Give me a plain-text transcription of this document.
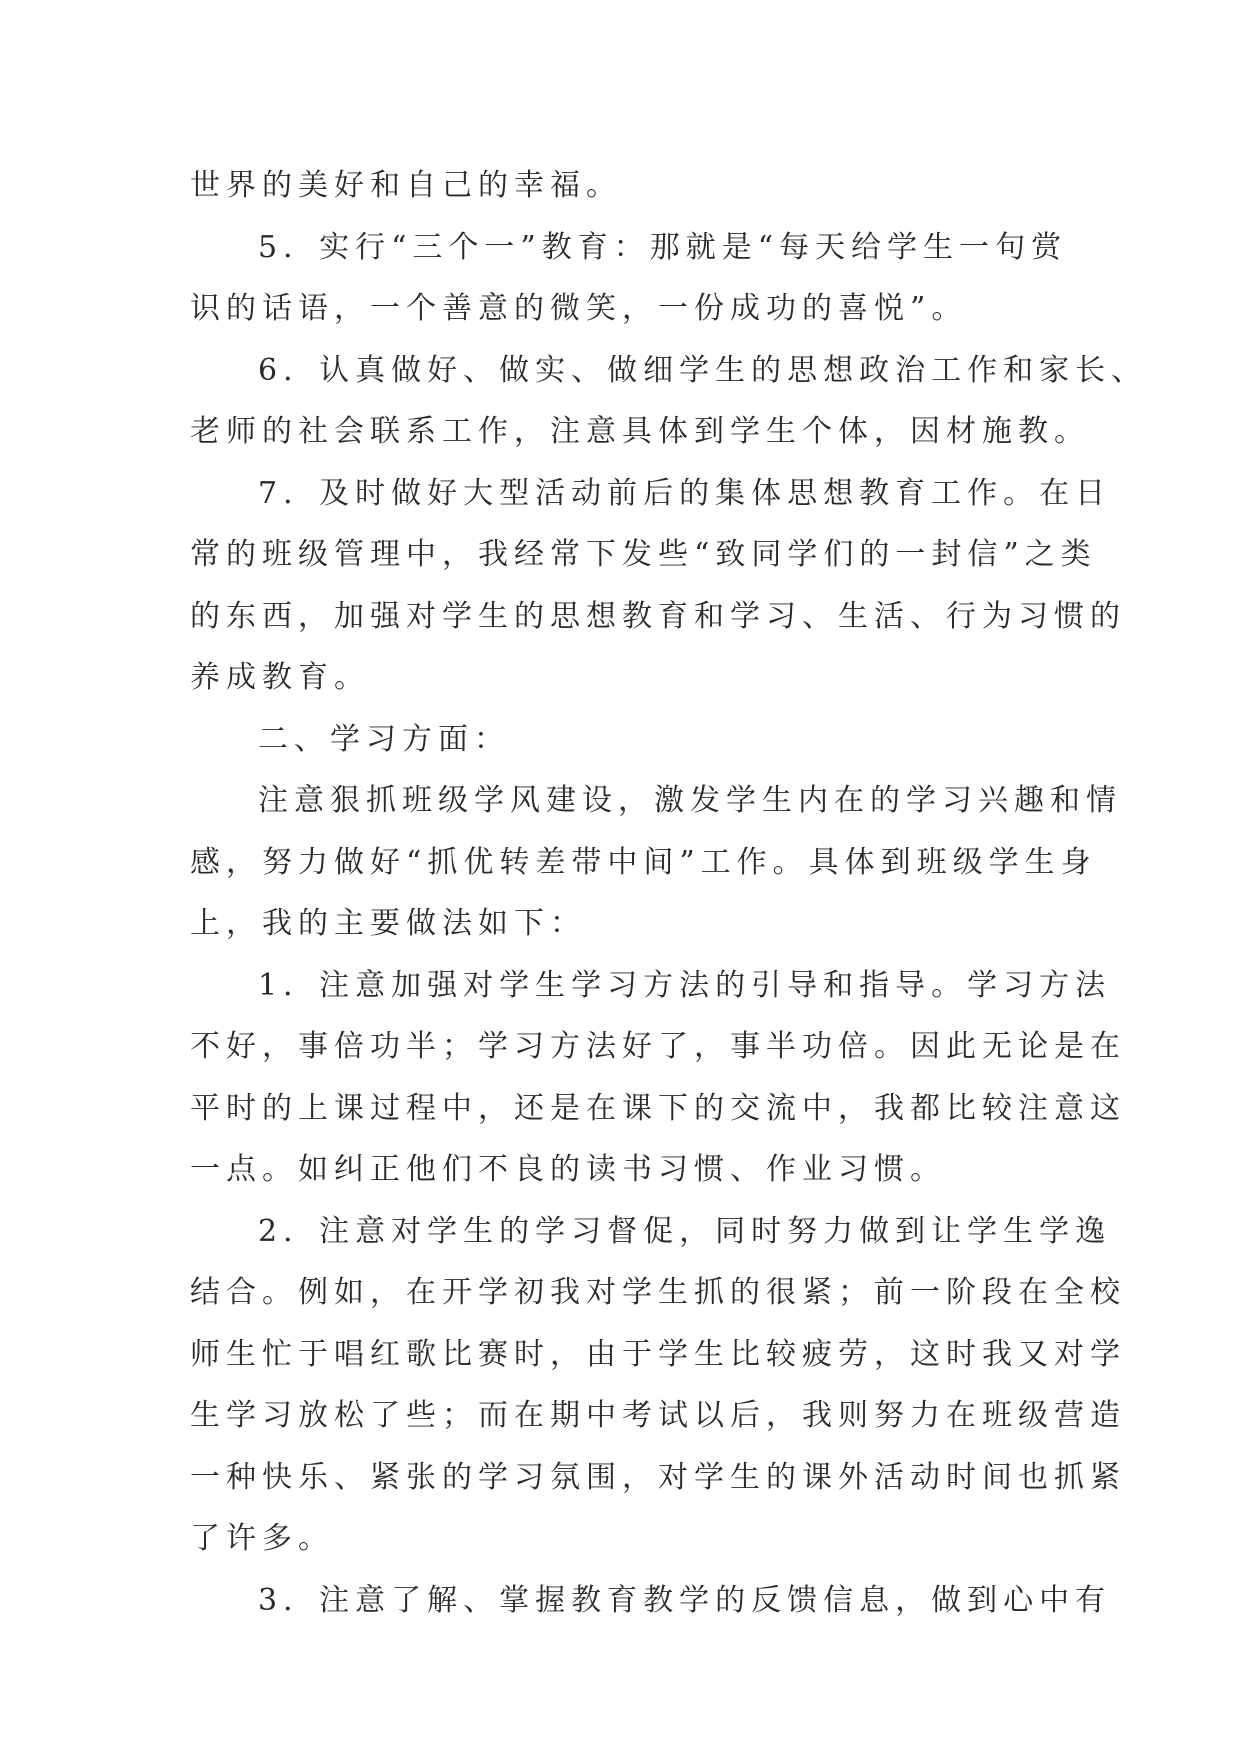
世界的美好和自己的幸福。
5．实行“三个一”教育：那就是“每天给学生一句赏
识的话语，一个善意的微笑，一份成功的喜悦”。
6．认真做好、做实、做细学生的思想政治工作和家长、
老师的社会联系工作，注意具体到学生个体，因材施教。
7．及时做好大型活动前后的集体思想教育工作。在日
常的班级管理中，我经常下发些“致同学们的一封信”之类
的东西，加强对学生的思想教育和学习、生活、行为习惯的
养成教育。
二、学习方面：
注意狠抓班级学风建设，激发学生内在的学习兴趣和情
感，努力做好“抓优转差带中间”工作。具体到班级学生身
上，我的主要做法如下：
1．注意加强对学生学习方法的引导和指导。学习方法
不好，事倍功半；学习方法好了，事半功倍。因此无论是在
平时的上课过程中，还是在课下的交流中，我都比较注意这
一点。如纠正他们不良的读书习惯、作业习惯。
2．注意对学生的学习督促，同时努力做到让学生学逸
结合。例如，在开学初我对学生抓的很紧；前一阶段在全校
师生忙于唱红歌比赛时，由于学生比较疲劳，这时我又对学
生学习放松了些；而在期中考试以后，我则努力在班级营造
一种快乐、紧张的学习氛围，对学生的课外活动时间也抓紧
了许多。
3．注意了解、掌握教育教学的反馈信息，做到心中有
